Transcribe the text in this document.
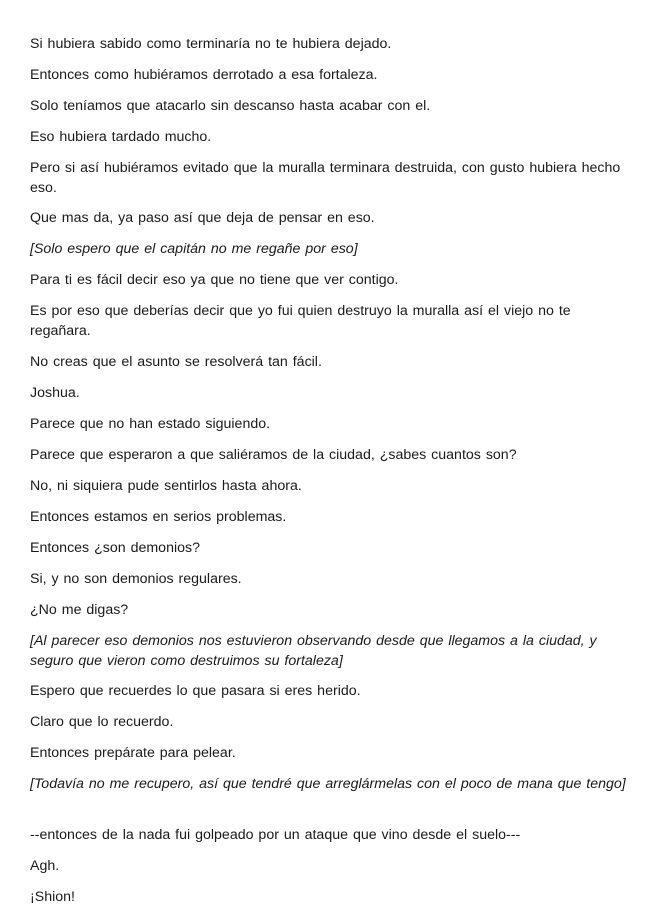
Si hubiera sabido como terminaría no te hubiera dejado.

Entonces como hubiéramos derrotado a esa fortaleza.

Solo teníamos que atacarlo sin descanso hasta acabar con el.

Eso hubiera tardado mucho.

Pero si así hubiéramos evitado que la muralla terminara destruida, con gusto hubiera hecho eso.

Que mas da, ya paso así que deja de pensar en eso.

[Solo espero que el capitán no me regañe por eso]

Para ti es fácil decir eso ya que no tiene que ver contigo.

Es por eso que deberías decir que yo fui quien destruyo la muralla así el viejo no te regañara.

No creas que el asunto se resolverá tan fácil.

Joshua.

Parece que no han estado siguiendo.

Parece que esperaron a que saliéramos de la ciudad, ¿sabes cuantos son?

No, ni siquiera pude sentirlos hasta ahora.

Entonces estamos en serios problemas.

Entonces ¿son demonios?

Si, y no son demonios regulares.

¿No me digas?

[Al parecer eso demonios nos estuvieron observando desde que llegamos a la ciudad, y seguro que vieron como destruimos su fortaleza]

Espero que recuerdes lo que pasara si eres herido.

Claro que lo recuerdo.

Entonces prepárate para pelear.

[Todavía no me recupero, así que tendré que arreglármelas con el poco de mana que tengo]

--entonces de la nada fui golpeado por un ataque que vino desde el suelo---

Agh.

¡Shion!
